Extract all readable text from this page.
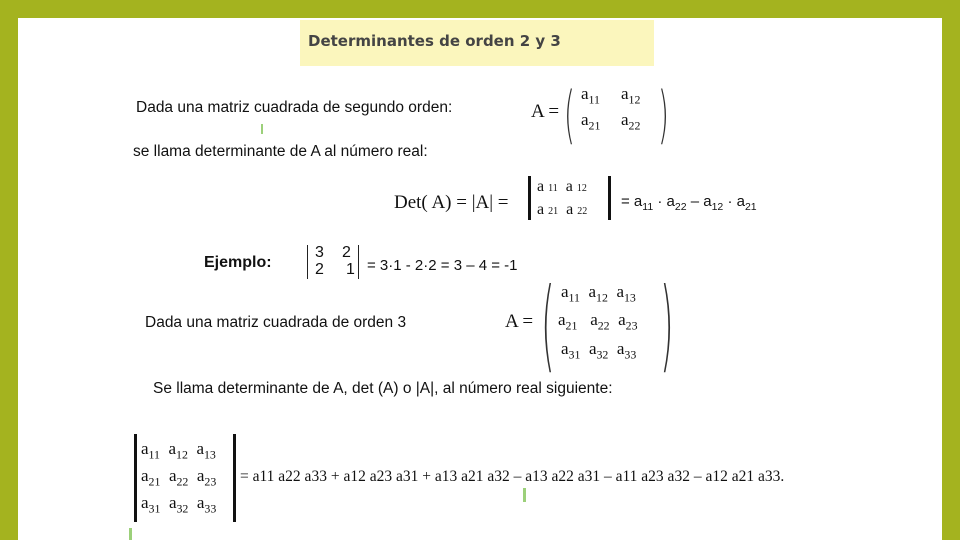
Determinantes de orden 2 y 3
Dada una matriz cuadrada de segundo orden:	A = ( )
$a_{11}$ $a_{12}$
$a_{21}$ $a_{22}$
se llama determinante de A al número real:
Det( A) = |A| =
a 11  a 12
a 21  a 22
= $a_{11} \cdot a_{22} - a_{12} \cdot a_{21}$
Ejemplo:
3 2
2 1 = 3·1 - 2·2 = 3 – 4 = -1
Dada una matriz cuadrada de orden 3	A = ( )
$a_{11}$ $a_{12}$ $a_{13}$
$a_{21}$ $a_{22}$ $a_{23}$
$a_{31}$ $a_{32}$ $a_{33}$
Se llama determinante de A, det (A) o |A|, al número real siguiente:
$a_{11}$ $a_{12}$ $a_{13}$
$a_{21}$ $a_{22}$ $a_{23}$
$a_{31}$ $a_{32}$ $a_{33}$
= a11 a22 a33 + a12 a23 a31 + a13 a21 a32 – a13 a22 a31 – a11 a23 a32 – a12 a21 a33.
